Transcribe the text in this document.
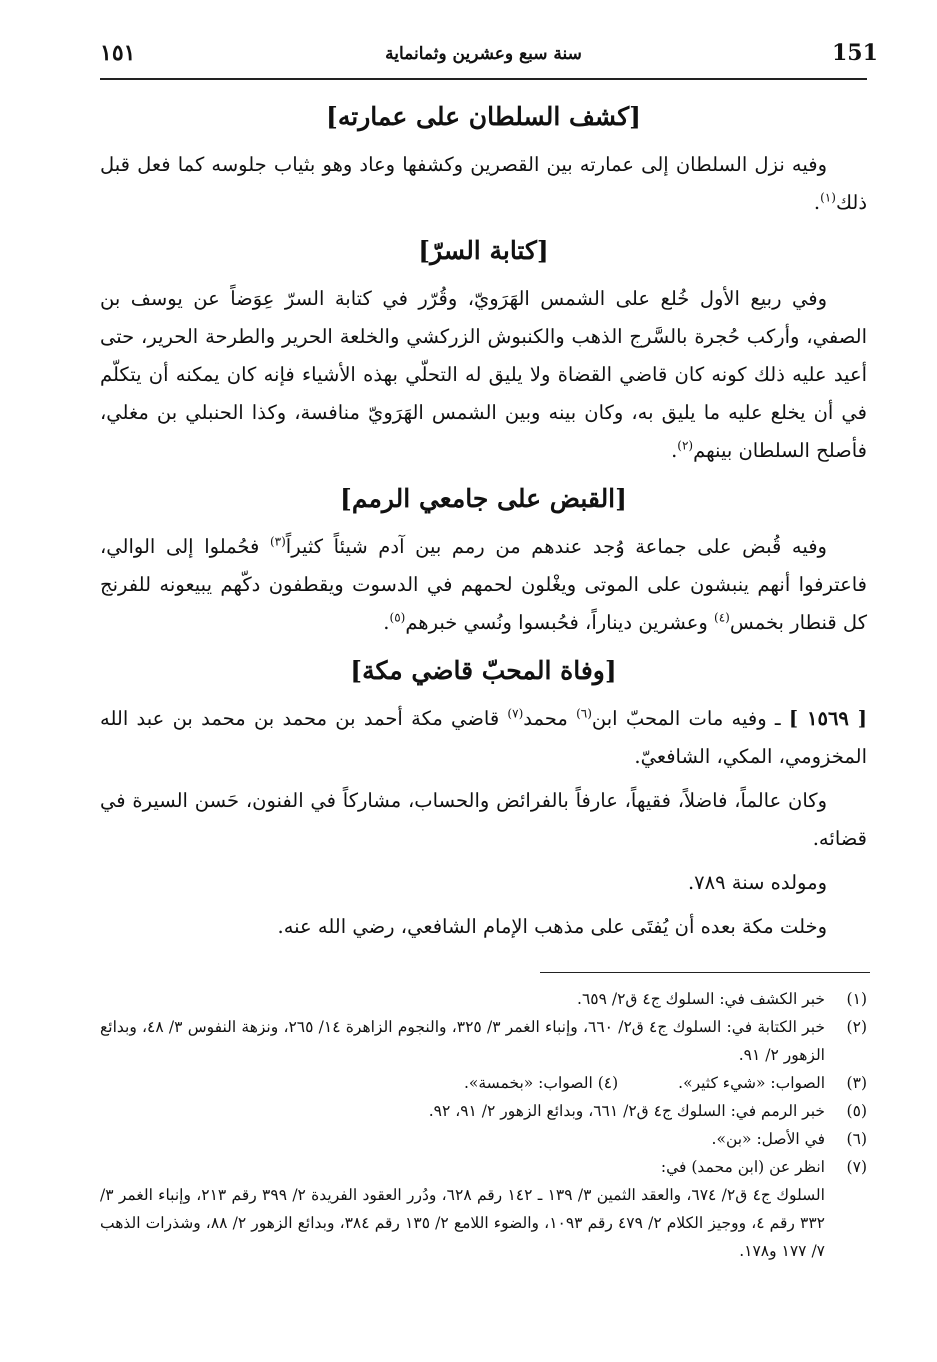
151
سنة سبع وعشرين وثمانماية
١٥١
[كشف السلطان على عمارته]

وفيه نزل السلطان إلى عمارته بين القصرين وكشفها وعاد وهو بثياب جلوسه كما فعل قبل ذلك$^{(١)}$.

[كتابة السرّ]

وفي ربيع الأول خُلع على الشمس الهَرَويّ، وقُرّر في كتابة السرّ عِوَضاً عن يوسف بن الصفي، وأركب حُجرة بالسَّرج الذهب والكنبوش الزركشي والخلعة الحرير والطرحة الحرير، حتى أعيد عليه ذلك كونه كان قاضي القضاة ولا يليق له التحلّي بهذه الأشياء فإنه كان يمكنه أن يتكلّم في أن يخلع عليه ما يليق به، وكان بينه وبين الشمس الهَرَويّ منافسة، وكذا الحنبلي بن مغلي، فأصلح السلطان بينهم$^{(٢)}$.

[القبض على جامعي الرمم]

وفيه قُبض على جماعة وُجد عندهم من رمم بين آدم شيئاً كثيراً$^{(٣)}$ فحُملوا إلى الوالي، فاعترفوا أنهم ينبشون على الموتى ويغْلون لحمهم في الدسوت ويقطفون دكّهم يبيعونه للفرنج كل قنطار بخمس$^{(٤)}$ وعشرين ديناراً، فحُبسوا ونُسي خبرهم$^{(٥)}$.

[وفاة المحبّ قاضي مكة]

[ ١٥٦٩ ] ـ وفيه مات المحبّ ابن$^{(٦)}$ محمد$^{(٧)}$ قاضي مكة أحمد بن محمد بن محمد بن عبد الله المخزومي، المكي، الشافعيّ.

وكان عالماً، فاضلاً، فقيهاً، عارفاً بالفرائض والحساب، مشاركاً في الفنون، حَسن السيرة في قضائه.

ومولده سنة ٧٨٩.

وخلت مكة بعده أن يُفتَى على مذهب الإمام الشافعي، رضي الله عنه.

(١)
خبر الكشف في: السلوك ج٤ ق٢/ ٦٥٩.
(٢)
خبر الكتابة في: السلوك ج٤ ق٢/ ٦٦٠، وإنباء الغمر ٣/ ٣٢٥، والنجوم الزاهرة ١٤/ ٢٦٥، ونزهة النفوس ٣/ ٤٨، وبدائع الزهور ٢/ ٩١.
(٣)
الصواب: «شيء كثير».(٤) الصواب: «بخمسة».
(٥)
خبر الرمم في: السلوك ج٤ ق٢/ ٦٦١، وبدائع الزهور ٢/ ٩١، ٩٢.
(٦)
في الأصل: «بن».
(٧)
انظر عن (ابن محمد) في:
السلوك ج٤ ق٢/ ٦٧٤، والعقد الثمين ٣/ ١٣٩ ـ ١٤٢ رقم ٦٢٨، ودُرر العقود الفريدة ٢/ ٣٩٩ رقم ٢١٣، وإنباء الغمر ٣/ ٣٣٢ رقم ٤، ووجيز الكلام ٢/ ٤٧٩ رقم ١٠٩٣، والضوء اللامع ٢/ ١٣٥ رقم ٣٨٤، وبدائع الزهور ٢/ ٨٨، وشذرات الذهب ٧/ ١٧٧ و١٧٨.
